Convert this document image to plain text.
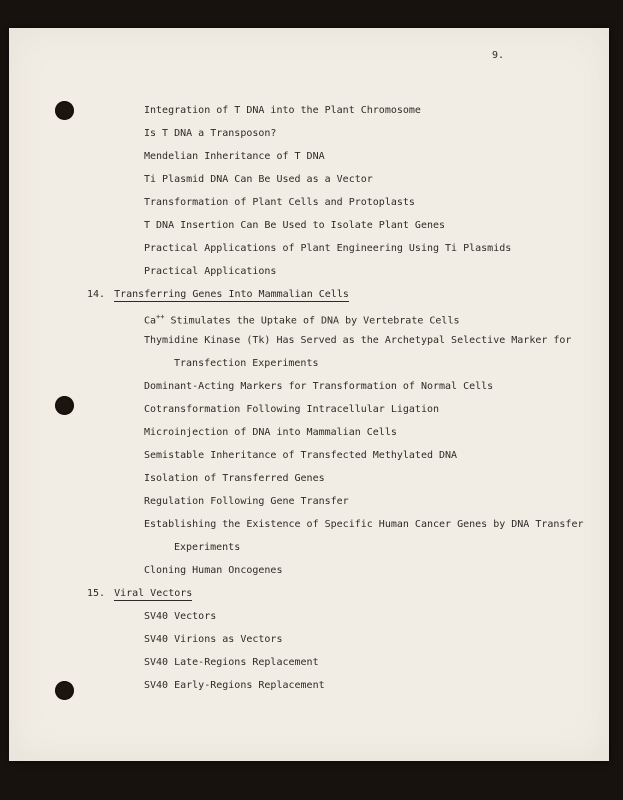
9.
Integration of T DNA into the Plant Chromosome
Is T DNA a Transposon?
Mendelian Inheritance of T DNA
Ti Plasmid DNA Can Be Used as a Vector
Transformation of Plant Cells and Protoplasts
T DNA Insertion Can Be Used to Isolate Plant Genes
Practical Applications of Plant Engineering Using Ti Plasmids
Practical Applications
14. Transferring Genes Into Mammalian Cells
Ca++ Stimulates the Uptake of DNA by Vertebrate Cells
Thymidine Kinase (Tk) Has Served as the Archetypal Selective Marker for
Transfection Experiments
Dominant-Acting Markers for Transformation of Normal Cells
Cotransformation Following Intracellular Ligation
Microinjection of DNA into Mammalian Cells
Semistable Inheritance of Transfected Methylated DNA
Isolation of Transferred Genes
Regulation Following Gene Transfer
Establishing the Existence of Specific Human Cancer Genes by DNA Transfer
Experiments
Cloning Human Oncogenes
15. Viral Vectors
SV40 Vectors
SV40 Virions as Vectors
SV40 Late-Regions Replacement
SV40 Early-Regions Replacement
